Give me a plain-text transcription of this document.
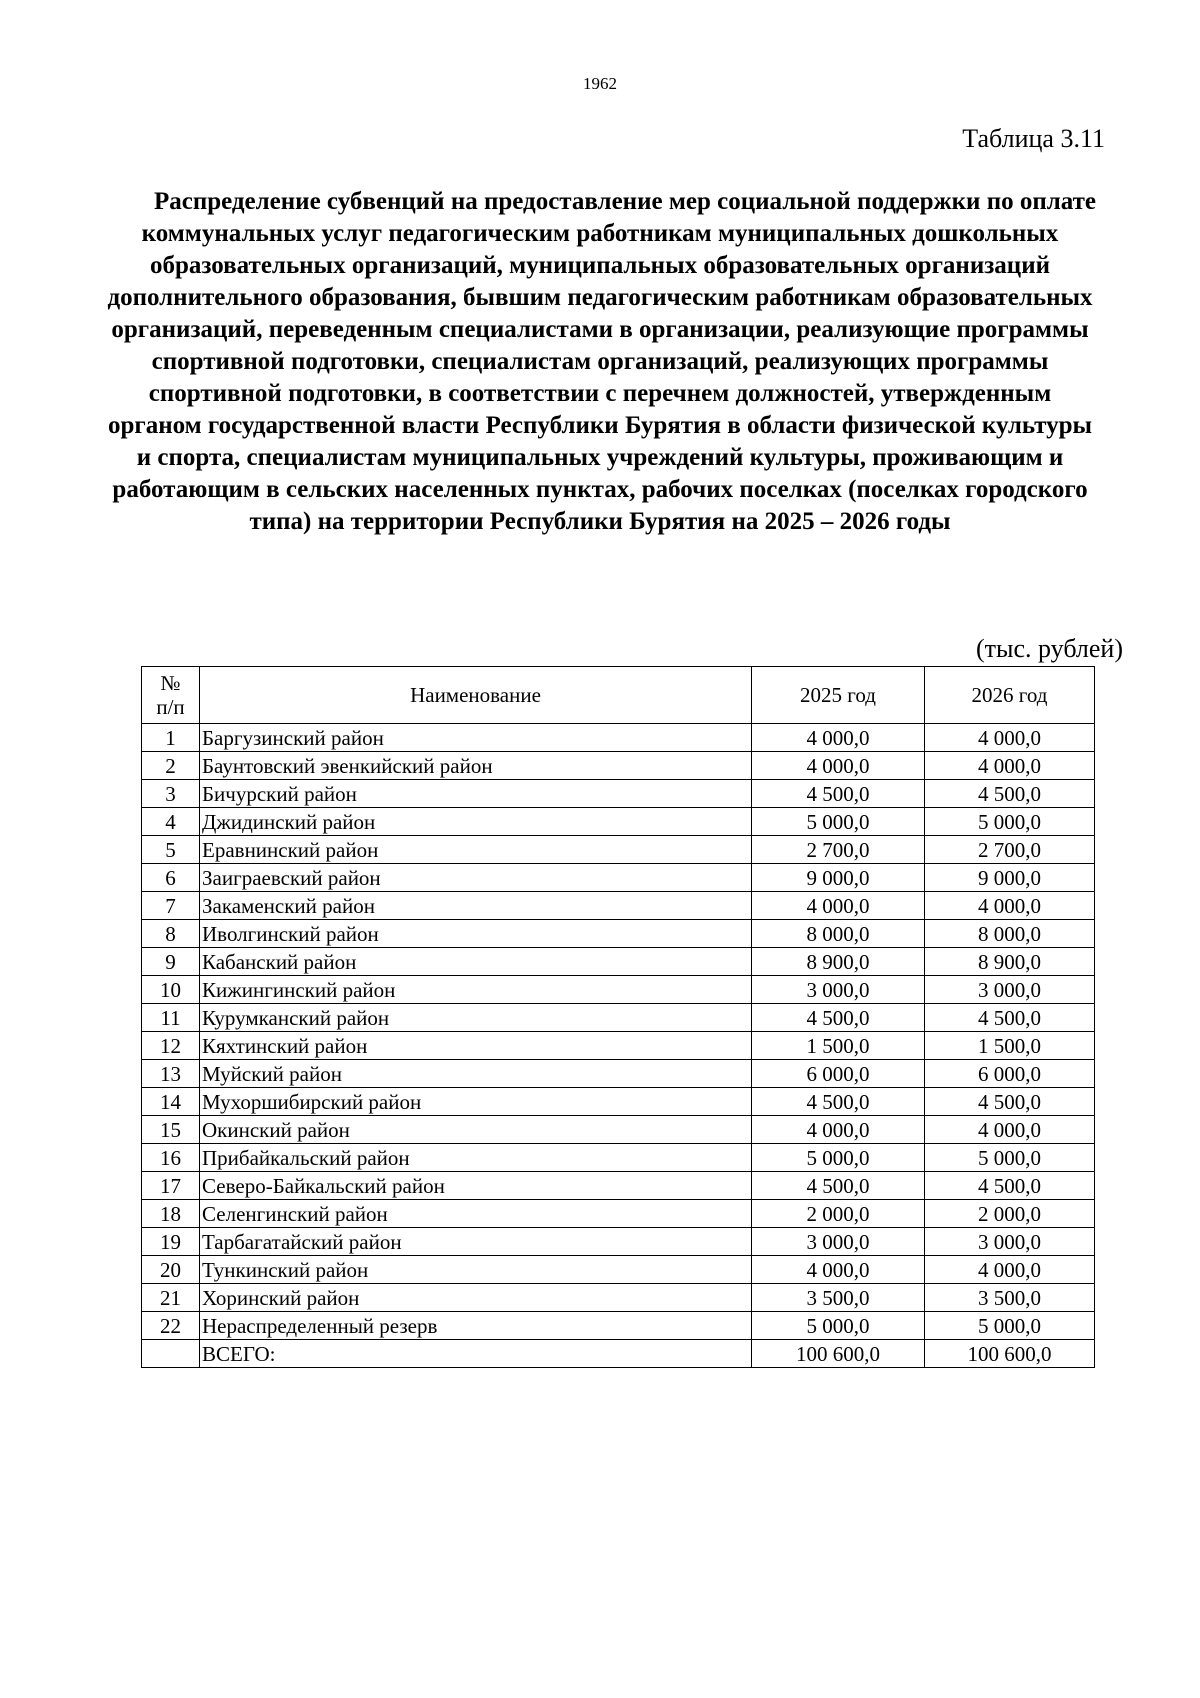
1962
Таблица 3.11
Распределение субвенций на предоставление мер социальной поддержки по оплате коммунальных услуг педагогическим работникам муниципальных дошкольных образовательных организаций, муниципальных образовательных организаций дополнительного образования, бывшим педагогическим работникам образовательных организаций, переведенным специалистами в организации, реализующие программы спортивной подготовки, специалистам организаций, реализующих программы спортивной подготовки, в соответствии с перечнем должностей, утвержденным органом государственной власти Республики Бурятия в области физической культуры и спорта, специалистам муниципальных учреждений культуры, проживающим и работающим в сельских населенных пунктах, рабочих поселках (поселках городского типа) на территории Республики Бурятия на 2025 – 2026 годы
(тыс. рублей)
№
п/п	Наименование	2025 год	2026 год
1	Баргузинский район	4 000,0	4 000,0
2	Баунтовский эвенкийский район	4 000,0	4 000,0
3	Бичурский район	4 500,0	4 500,0
4	Джидинский район	5 000,0	5 000,0
5	Еравнинский район	2 700,0	2 700,0
6	Заиграевский район	9 000,0	9 000,0
7	Закаменский район	4 000,0	4 000,0
8	Иволгинский район	8 000,0	8 000,0
9	Кабанский район	8 900,0	8 900,0
10	Кижингинский район	3 000,0	3 000,0
11	Курумканский район	4 500,0	4 500,0
12	Кяхтинский район	1 500,0	1 500,0
13	Муйский район	6 000,0	6 000,0
14	Мухоршибирский район	4 500,0	4 500,0
15	Окинский район	4 000,0	4 000,0
16	Прибайкальский район	5 000,0	5 000,0
17	Северо-Байкальский район	4 500,0	4 500,0
18	Селенгинский район	2 000,0	2 000,0
19	Тарбагатайский район	3 000,0	3 000,0
20	Тункинский район	4 000,0	4 000,0
21	Хоринский район	3 500,0	3 500,0
22	Нераспределенный резерв	5 000,0	5 000,0
	ВСЕГО:	100 600,0	100 600,0
